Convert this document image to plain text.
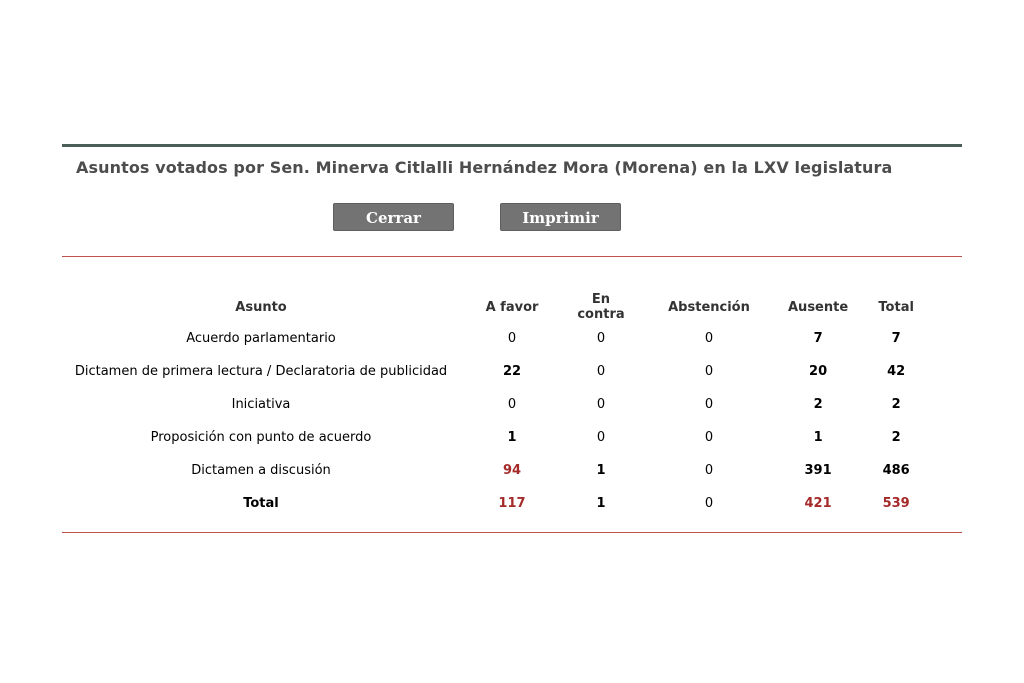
Asuntos votados por Sen. Minerva Citlalli Hernández Mora (Morena) en la LXV legislatura
Cerrar	Imprimir
Asunto	A favor	En contra	Abstención	Ausente	Total
Acuerdo parlamentario	0	0	0	7	7
Dictamen de primera lectura / Declaratoria de publicidad	22	0	0	20	42
Iniciativa	0	0	0	2	2
Proposición con punto de acuerdo	1	0	0	1	2
Dictamen a discusión	94	1	0	391	486
Total	117	1	0	421	539
